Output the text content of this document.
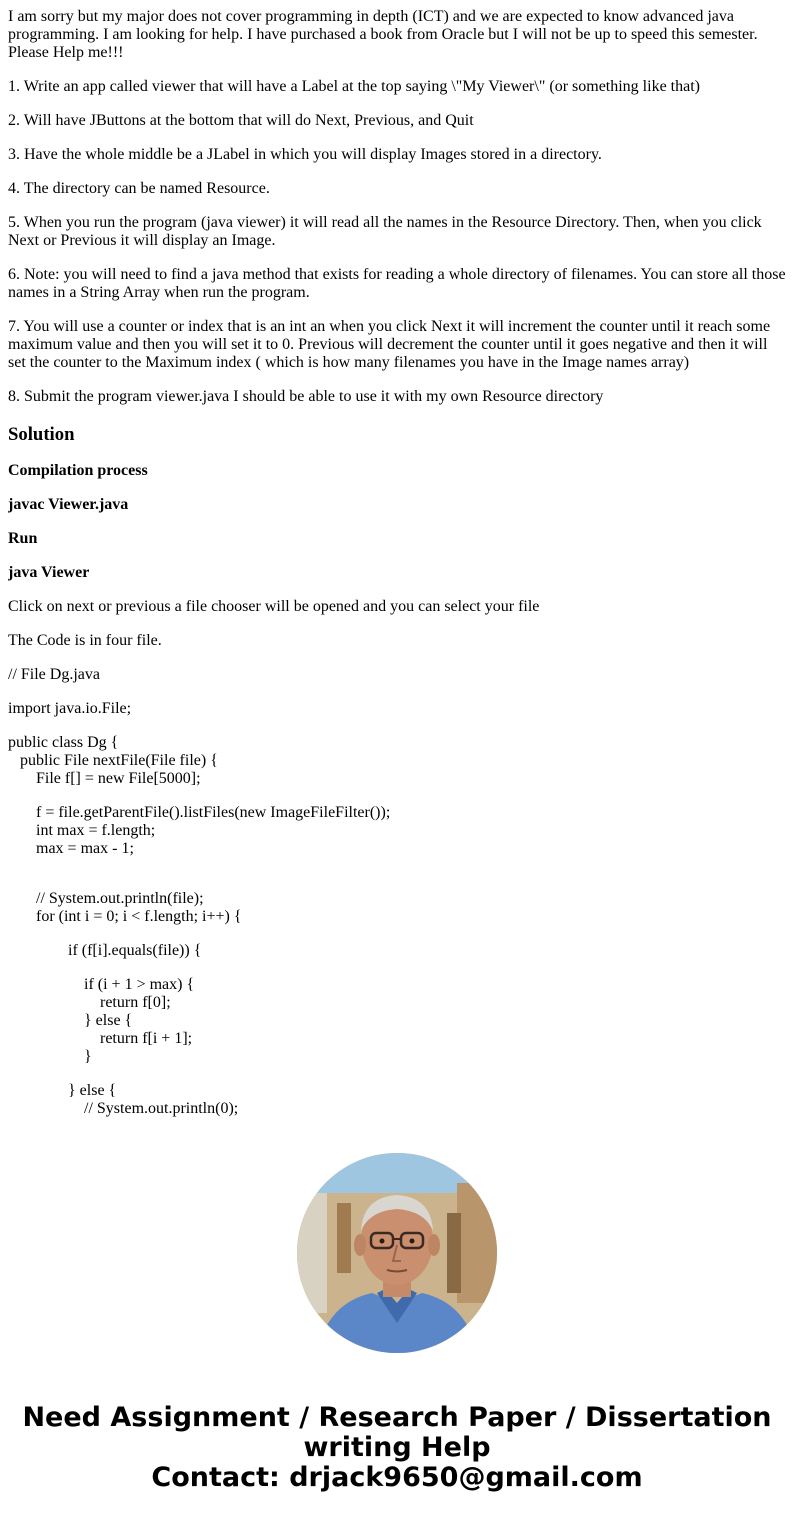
I am sorry but my major does not cover programming in depth (ICT) and we are expected to know advanced java programming. I am looking for help. I have purchased a book from Oracle but I will not be up to speed this semester. Please Help me!!!

1. Write an app called viewer that will have a Label at the top saying \"My Viewer\" (or something like that)

2. Will have JButtons at the bottom that will do Next, Previous, and Quit

3. Have the whole middle be a JLabel in which you will display Images stored in a directory.

4. The directory can be named Resource.

5. When you run the program (java viewer) it will read all the names in the Resource Directory. Then, when you click Next or Previous it will display an Image.

6. Note: you will need to find a java method that exists for reading a whole directory of filenames. You can store all those names in a String Array when run the program.

7. You will use a counter or index that is an int an when you click Next it will increment the counter until it reach some maximum value and then you will set it to 0. Previous will decrement the counter until it goes negative and then it will set the counter to the Maximum index ( which is how many filenames you have in the Image names array)

8. Submit the program viewer.java I should be able to use it with my own Resource directory

Solution

Compilation process

javac Viewer.java

Run

java Viewer

Click on next or previous a file chooser will be opened and you can select your file

The Code is in four file.

// File Dg.java

import java.io.File;

public class Dg {
public File nextFile(File file) {
File f[] = new File[5000];
f = file.getParentFile().listFiles(new ImageFileFilter());
int max = f.length;
max = max - 1;
// System.out.println(file);
for (int i = 0; i < f.length; i++) {
if (f[i].equals(file)) {
if (i + 1 > max) {
return f[0];
} else {
return f[i + 1];
}
} else {
// System.out.println(0);
Need Assignment / Research Paper / Dissertation
writing Help
Contact: drjack9650@gmail.com
